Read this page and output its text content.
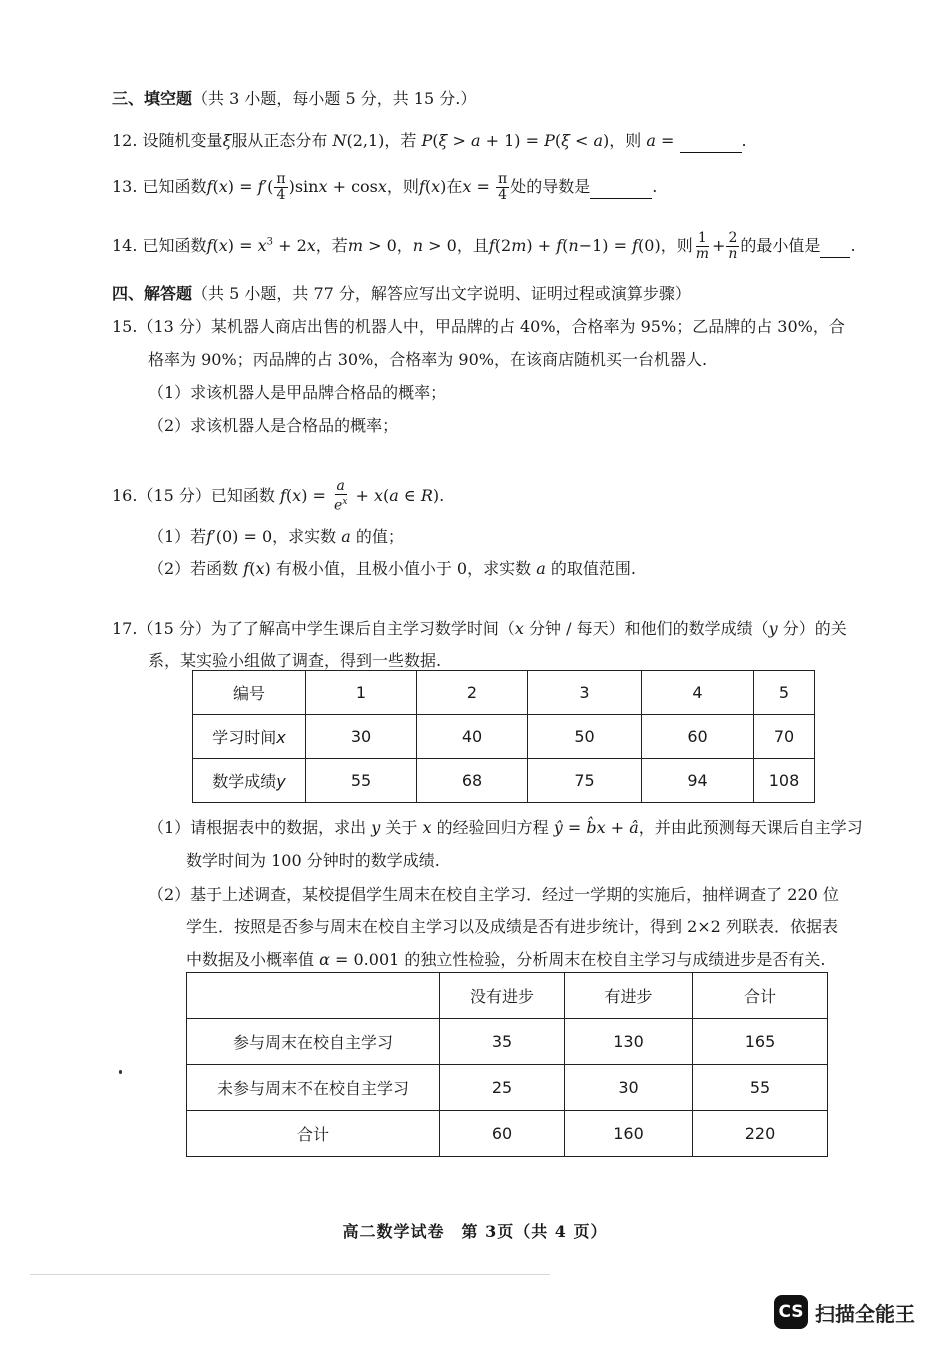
三、填空题（共 3 小题，每小题 5 分，共 15 分.）
12. 设随机变量ξ服从正态分布 N(2,1)，若 P(ξ > a + 1) = P(ξ < a)，则 a =	.
13. 已知函数$f(x) = f'( \frac{\pi}{4} )\sin x + \cos x$，则f(x)在$x = \frac{\pi}{4}$ 处的导数是	.
14. 已知函数$f(x) = x^3 + 2x$，若m > 0，n > 0，且f(2m) + f(n−1) = f(0)，则 $\frac{1}{m} + \frac{2}{n}$ 的最小值是 .
四、解答题（共 5 小题，共 77 分，解答应写出文字说明、证明过程或演算步骤）
15.（13 分）某机器人商店出售的机器人中，甲品牌的占 40%，合格率为 95%；乙品牌的占 30%，合
格率为 90%；丙品牌的占 30%，合格率为 90%，在该商店随机买一台机器人.
（1）求该机器人是甲品牌合格品的概率；
（2）求该机器人是合格品的概率；
16.（15 分）已知函数 $f(x) = \frac{a}{e^x} + x(a$ ∈ R).
（1）若f′(0) = 0，求实数 a 的值；
（2）若函数 f(x) 有极小值，且极小值小于 0，求实数 a 的取值范围.
17.（15 分）为了了解高中学生课后自主学习数学时间（x 分钟 / 每天）和他们的数学成绩（y 分）的关
系，某实验小组做了调查，得到一些数据.
编号	1	2	3	4	5
学习时间x	30	40	50	60	70
数学成绩y	55	68	75	94	108
（1）请根据表中的数据，求出 y 关于 x 的经验回归方程 ŷ = b̂x + â，并由此预测每天课后自主学习
数学时间为 100 分钟时的数学成绩.
（2）基于上述调查，某校提倡学生周末在校自主学习．经过一学期的实施后，抽样调查了 220 位
学生．按照是否参与周末在校自主学习以及成绩是否有进步统计，得到 2×2 列联表．依据表
中数据及小概率值 α = 0.001 的独立性检验，分析周末在校自主学习与成绩进步是否有关.
	没有进步	有进步	合计
参与周末在校自主学习	35	130	165
未参与周末不在校自主学习	25	30	55
合计	60	160	220
高二数学试卷　第 3页（共 4 页）
CS 扫描全能王
